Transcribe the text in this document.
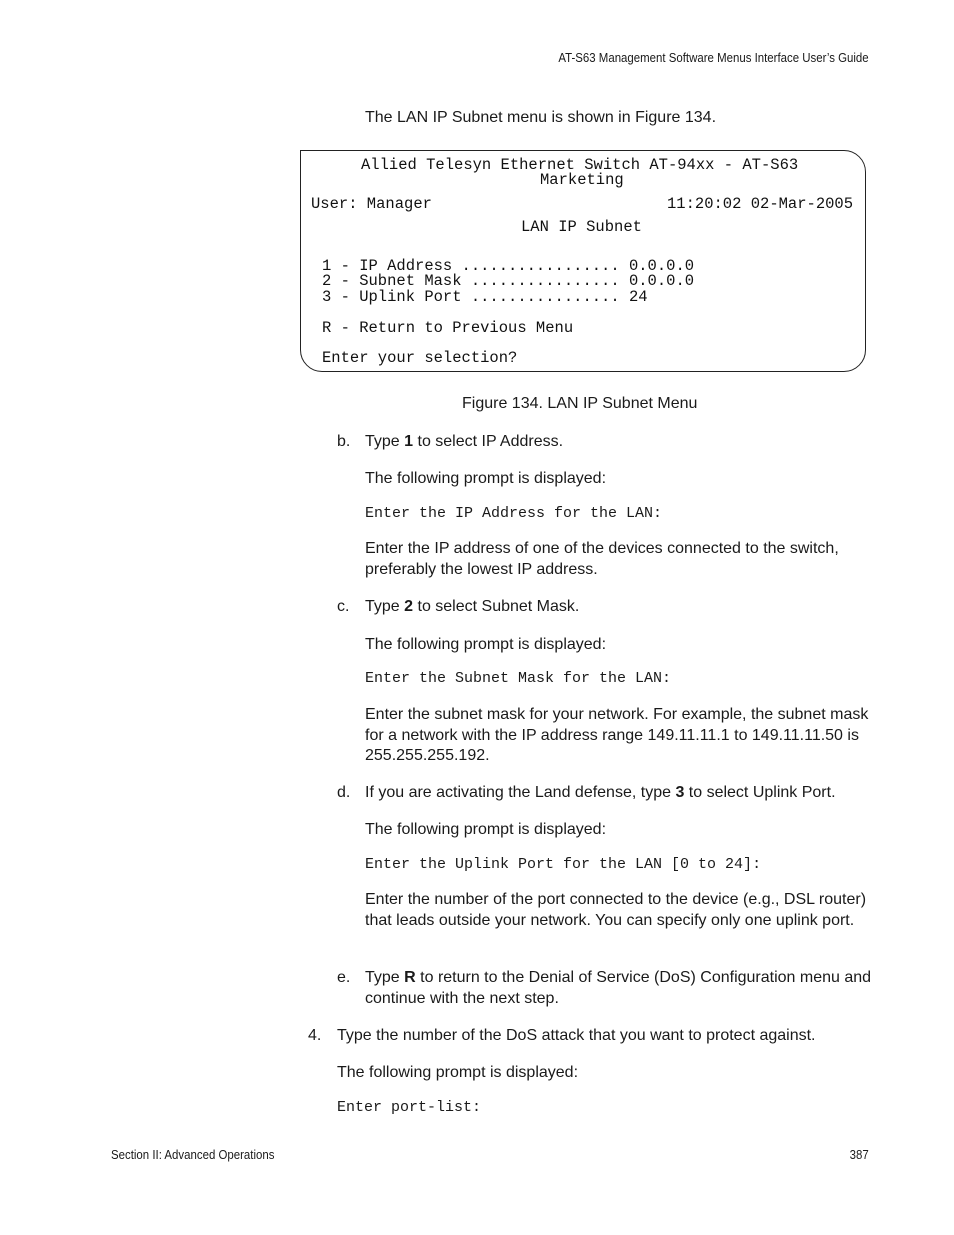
AT-S63 Management Software Menus Interface User’s Guide
The LAN IP Subnet menu is shown in Figure 134.
Allied Telesyn Ethernet Switch AT-94xx - AT-S63
Marketing
User: Manager	11:20:02 02-Mar-2005
LAN IP Subnet
1 - IP Address ................. 0.0.0.0
2 - Subnet Mask ................ 0.0.0.0
3 - Uplink Port ................ 24
R - Return to Previous Menu
Enter your selection?
Figure 134. LAN IP Subnet Menu
b. Type 1 to select IP Address.
The following prompt is displayed:
Enter the IP Address for the LAN:
Enter the IP address of one of the devices connected to the switch, preferably the lowest IP address.
c. Type 2 to select Subnet Mask.
The following prompt is displayed:
Enter the Subnet Mask for the LAN:
Enter the subnet mask for your network. For example, the subnet mask for a network with the IP address range 149.11.11.1 to 149.11.11.50 is 255.255.255.192.
d. If you are activating the Land defense, type 3 to select Uplink Port.
The following prompt is displayed:
Enter the Uplink Port for the LAN [0 to 24]:
Enter the number of the port connected to the device (e.g., DSL router) that leads outside your network. You can specify only one uplink port.
e. Type R to return to the Denial of Service (DoS) Configuration menu and continue with the next step.
4. Type the number of the DoS attack that you want to protect against.
The following prompt is displayed:
Enter port-list:
Section II: Advanced Operations	387
